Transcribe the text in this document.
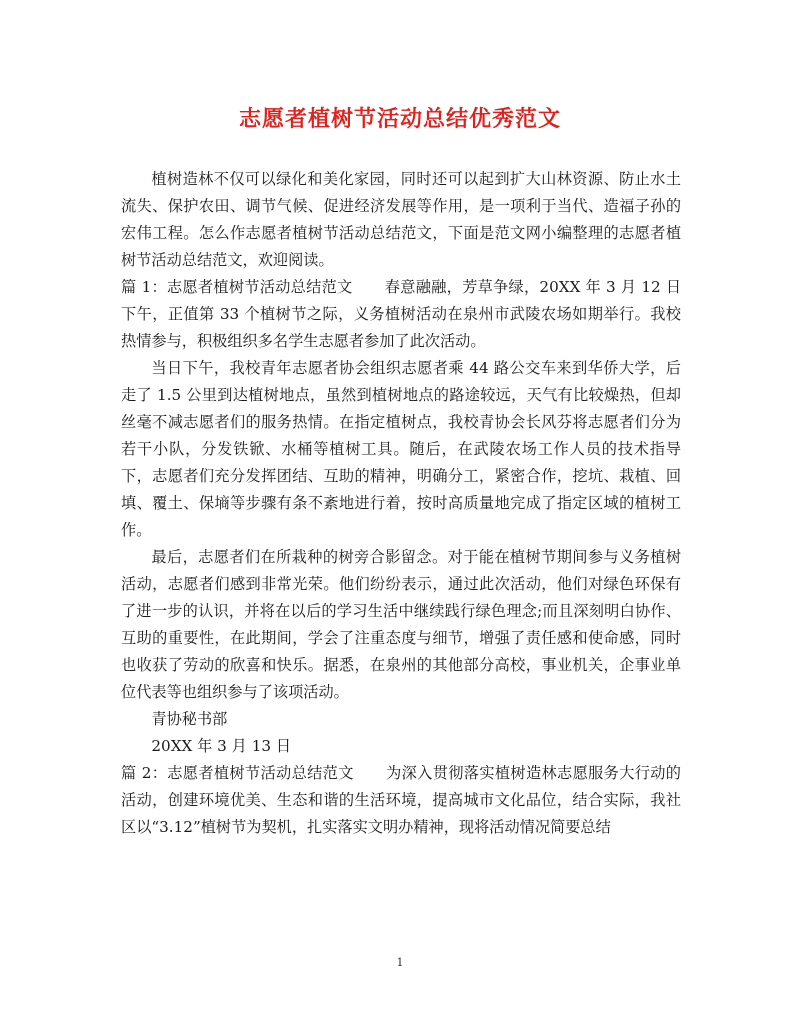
志愿者植树节活动总结优秀范文

植树造林不仅可以绿化和美化家园，同时还可以起到扩大山林资源、防止水土流失、保护农田、调节气候、促进经济发展等作用，是一项利于当代、造福子孙的宏伟工程。怎么作志愿者植树节活动总结范文，下面是范文网小编整理的志愿者植树节活动总结范文，欢迎阅读。

篇 1：志愿者植树节活动总结范文 春意融融，芳草争绿，20XX 年 3 月 12 日下午，正值第 33 个植树节之际，义务植树活动在泉州市武陵农场如期举行。我校热情参与，积极组织多名学生志愿者参加了此次活动。

当日下午，我校青年志愿者协会组织志愿者乘 44 路公交车来到华侨大学，后走了 1.5 公里到达植树地点，虽然到植树地点的路途较远，天气有比较燥热，但却丝毫不减志愿者们的服务热情。在指定植树点，我校青协会长风芬将志愿者们分为若干小队，分发铁锨、水桶等植树工具。随后，在武陵农场工作人员的技术指导下，志愿者们充分发挥团结、互助的精神，明确分工，紧密合作，挖坑、栽植、回填、覆土、保墒等步骤有条不紊地进行着，按时高质量地完成了指定区域的植树工作。

最后，志愿者们在所栽种的树旁合影留念。对于能在植树节期间参与义务植树活动，志愿者们感到非常光荣。他们纷纷表示，通过此次活动，他们对绿色环保有了进一步的认识，并将在以后的学习生活中继续践行绿色理念;而且深刻明白协作、互助的重要性，在此期间，学会了注重态度与细节，增强了责任感和使命感，同时也收获了劳动的欣喜和快乐。据悉，在泉州的其他部分高校，事业机关，企事业单位代表等也组织参与了该项活动。

青协秘书部

20XX 年 3 月 13 日

篇 2：志愿者植树节活动总结范文 为深入贯彻落实植树造林志愿服务大行动的活动，创建环境优美、生态和谐的生活环境，提高城市文化品位，结合实际，我社区以“3.12”植树节为契机，扎实落实文明办精神，现将活动情况简要总结

1
